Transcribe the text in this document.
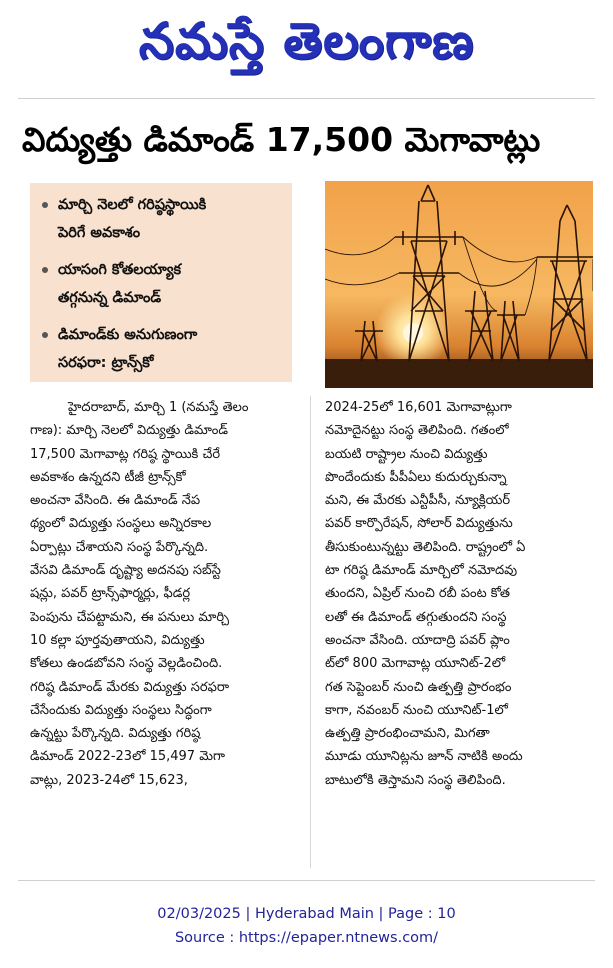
నమస్తే తెలంగాణ
విద్యుత్తు డిమాండ్ 17,500 మెగావాట్లు
మార్చి నెలలో గరిష్ఠస్థాయికి
పెరిగే అవకాశం
యాసంగి కోతలయ్యాక
తగ్గనున్న డిమాండ్
డిమాండ్‌కు అనుగుణంగా
సరఫరా: ట్రాన్స్‌కో
హైదరాబాద్, మార్చి 1 (నమస్తే తెలం
గాణ): మార్చి నెలలో విద్యుత్తు డిమాండ్
17,500 మెగావాట్ల గరిష్ఠ స్థాయికి చేరే
అవకాశం ఉన్నదని టీజీ ట్రాన్స్‌కో
అంచనా వేసింది. ఈ డిమాండ్ నేప
థ్యంలో విద్యుత్తు సంస్థలు అన్నిరకాల
ఏర్పాట్లు చేశాయని సంస్థ పేర్కొన్నది.
వేసవి డిమాండ్ దృష్ట్యా అదనపు సబ్‌స్టే
షన్లు, పవర్ ట్రాన్స్‌ఫార్మర్లు, ఫీడర్ల
పెంపును చేపట్టామని, ఈ పనులు మార్చి
10 కల్లా పూర్తవుతాయని, విద్యుత్తు
కోతలు ఉండబోవని సంస్థ వెల్లడించింది.
గరిష్ఠ డిమాండ్ మేరకు విద్యుత్తు సరఫరా
చేసేందుకు విద్యుత్తు సంస్థలు సిద్ధంగా
ఉన్నట్టు పేర్కొన్నది. విద్యుత్తు గరిష్ఠ
డిమాండ్ 2022-23లో 15,497 మెగా
వాట్లు, 2023-24లో 15,623,
2024-25లో 16,601 మెగావాట్లుగా
నమోదైనట్టు సంస్థ తెలిపింది. గతంలో
బయటి రాష్ట్రాల నుంచి విద్యుత్తు
పొందేందుకు పీపీఏలు కుదుర్చుకున్నా
మని, ఈ మేరకు ఎన్టీపీసీ, న్యూక్లియర్
పవర్ కార్పొరేషన్, సోలార్ విద్యుత్తును
తీసుకుంటున్నట్టు తెలిపింది. రాష్ట్రంలో ఏ
టా గరిష్ఠ డిమాండ్ మార్చిలో నమోదవు
తుందని, ఏప్రిల్ నుంచి రబీ పంట కోత
లతో ఈ డిమాండ్ తగ్గుతుందని సంస్థ
అంచనా వేసింది. యాదాద్రి పవర్ ప్లాం
ట్‌లో 800 మెగావాట్ల యూనిట్-2లో
గత సెప్టెంబర్ నుంచి ఉత్పత్తి ప్రారంభం
కాగా, నవంబర్ నుంచి యూనిట్-1లో
ఉత్పత్తి ప్రారంభించామని, మిగతా
మూడు యూనిట్లను జూన్ నాటికి అందు
బాటులోకి తెస్తామని సంస్థ తెలిపింది.
02/03/2025 | Hyderabad Main | Page : 10
Source : https://epaper.ntnews.com/
